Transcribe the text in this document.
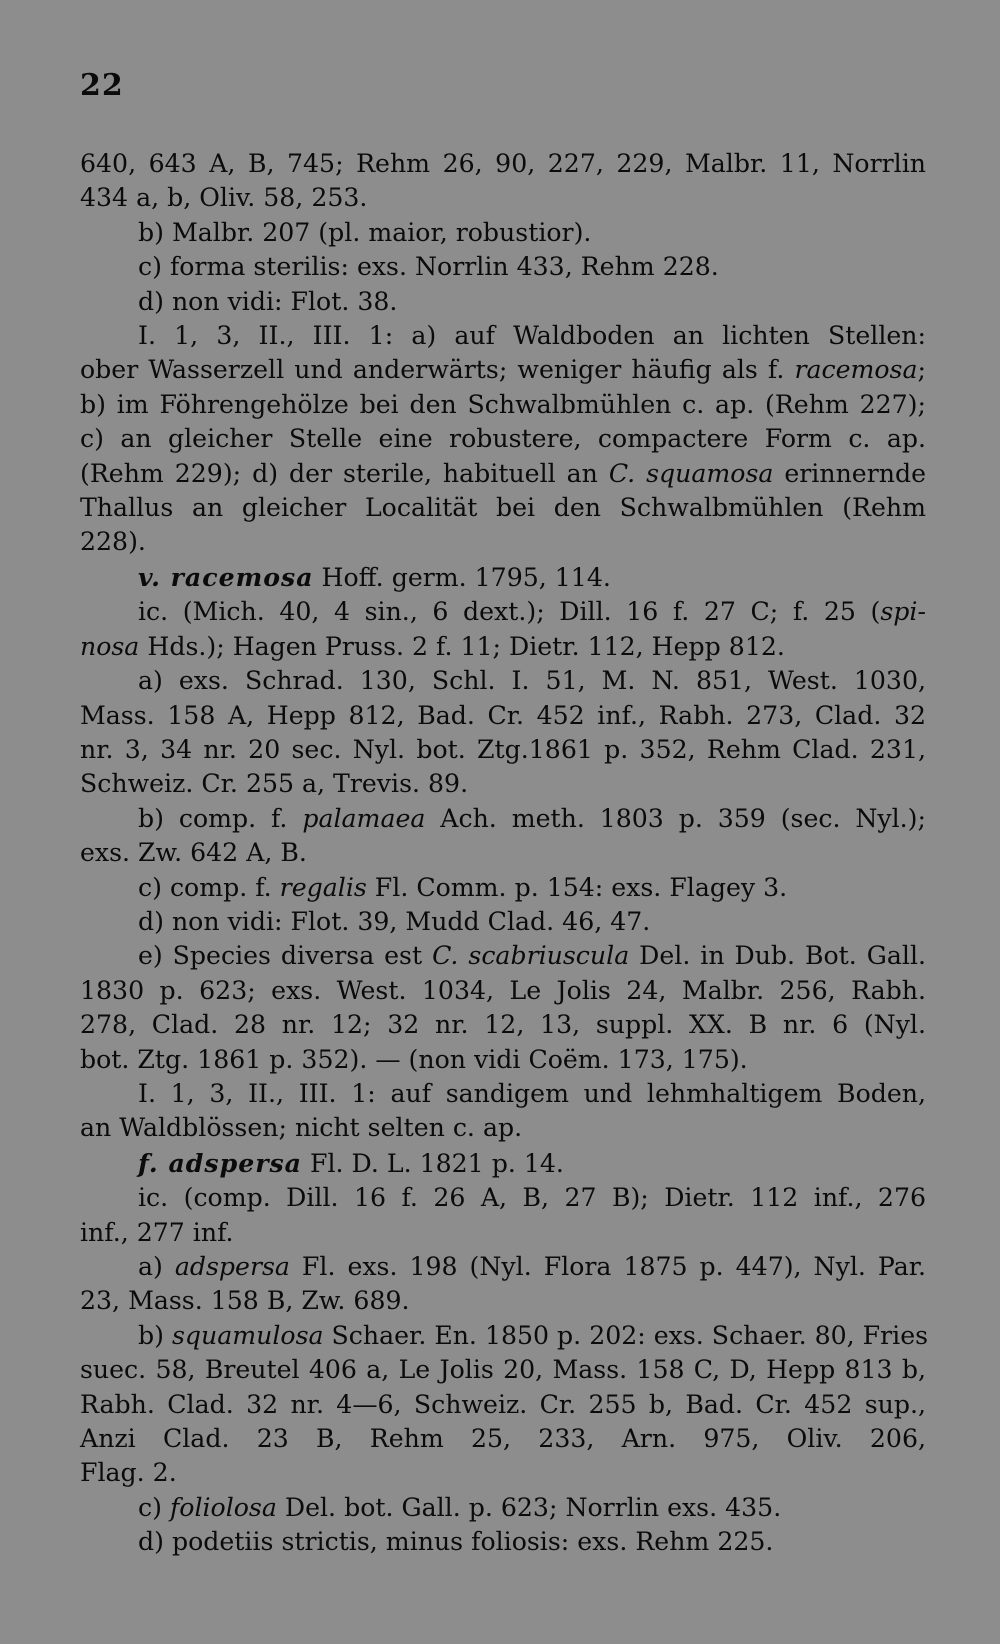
22
640, 643 A, B, 745; Rehm 26, 90, 227, 229, Malbr. 11, Norrlin
434 a, b, Oliv. 58, 253.
b) Malbr. 207 (pl. maior, robustior).
c) forma sterilis: exs. Norrlin 433, Rehm 228.
d) non vidi: Flot. 38.
I. 1, 3, II., III. 1: a) auf Waldboden an lichten Stellen:
ober Wasserzell und anderwärts; weniger häufig als f. racemosa;
b) im Föhrengehölze bei den Schwalbmühlen c. ap. (Rehm 227);
c) an gleicher Stelle eine robustere, compactere Form c. ap.
(Rehm 229); d) der sterile, habituell an C. squamosa erinnernde
Thallus an gleicher Localität bei den Schwalbmühlen (Rehm
228).
v. racemosa Hoff. germ. 1795, 114.
ic. (Mich. 40, 4 sin., 6 dext.); Dill. 16 f. 27 C; f. 25 (spi-
nosa Hds.); Hagen Pruss. 2 f. 11; Dietr. 112, Hepp 812.
a) exs. Schrad. 130, Schl. I. 51, M. N. 851, West. 1030,
Mass. 158 A, Hepp 812, Bad. Cr. 452 inf., Rabh. 273, Clad. 32
nr. 3, 34 nr. 20 sec. Nyl. bot. Ztg.1861 p. 352, Rehm Clad. 231,
Schweiz. Cr. 255 a, Trevis. 89.
b) comp. f. palamaea Ach. meth. 1803 p. 359 (sec. Nyl.);
exs. Zw. 642 A, B.
c) comp. f. regalis Fl. Comm. p. 154: exs. Flagey 3.
d) non vidi: Flot. 39, Mudd Clad. 46, 47.
e) Species diversa est C. scabriuscula Del. in Dub. Bot. Gall.
1830 p. 623; exs. West. 1034, Le Jolis 24, Malbr. 256, Rabh.
278, Clad. 28 nr. 12; 32 nr. 12, 13, suppl. XX. B nr. 6 (Nyl.
bot. Ztg. 1861 p. 352). — (non vidi Coëm. 173, 175).
I. 1, 3, II., III. 1: auf sandigem und lehmhaltigem Boden,
an Waldblössen; nicht selten c. ap.
f. adspersa Fl. D. L. 1821 p. 14.
ic. (comp. Dill. 16 f. 26 A, B, 27 B); Dietr. 112 inf., 276
inf., 277 inf.
a) adspersa Fl. exs. 198 (Nyl. Flora 1875 p. 447), Nyl. Par.
23, Mass. 158 B, Zw. 689.
b) squamulosa Schaer. En. 1850 p. 202: exs. Schaer. 80, Fries
suec. 58, Breutel 406 a, Le Jolis 20, Mass. 158 C, D, Hepp 813 b,
Rabh. Clad. 32 nr. 4—6, Schweiz. Cr. 255 b, Bad. Cr. 452 sup.,
Anzi Clad. 23 B, Rehm 25, 233, Arn. 975, Oliv. 206,
Flag. 2.
c) foliolosa Del. bot. Gall. p. 623; Norrlin exs. 435.
d) podetiis strictis, minus foliosis: exs. Rehm 225.
